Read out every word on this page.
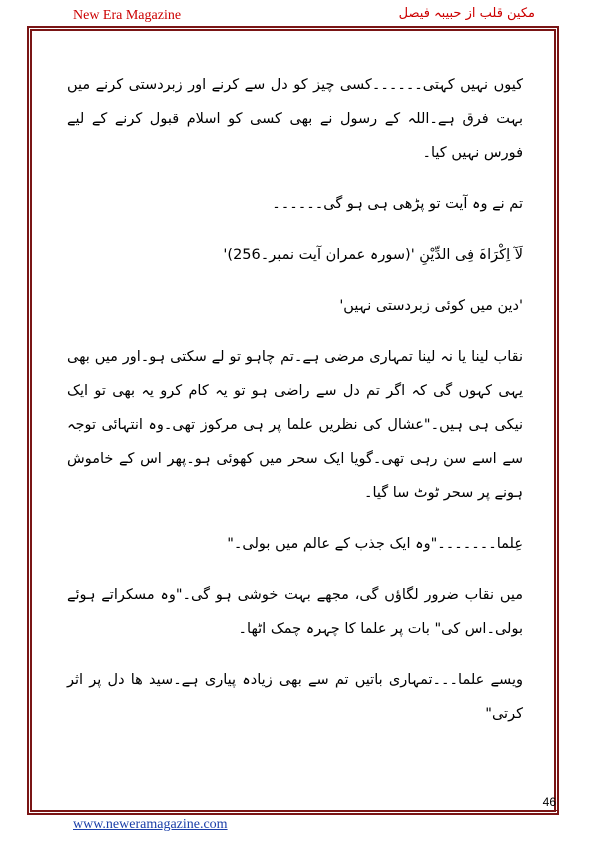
New Era Magazine	مکین قلب از حبیبہ فیصل

کیوں نہیں کہتی۔۔۔۔۔۔کسی چیز کو دل سے کرنے اور زبردستی کرنے میں بہت فرق ہے۔اللہ کے رسول نے بھی کسی کو اسلام قبول کرنے کے لیے فورس نہیں کیا۔

تم نے وہ آیت تو پڑھی ہی ہو گی۔۔۔۔۔۔

لَآ اِکْرَاہَ فِی الدِّیْنِ '(سورہ عمران آیت نمبر۔256)'

'دین میں کوئی زبردستی نہیں'

نقاب لینا یا نہ لینا تمہاری مرضی ہے۔تم چاہو تو لے سکتی ہو۔اور میں بھی یہی کہوں گی کہ اگر تم دل سے راضی ہو تو یہ کام کرو یہ بھی تو ایک نیکی ہی ہیں۔"عشال کی نظریں علما پر ہی مرکوز تھی۔وہ انتہائی توجہ سے اسے سن رہی تھی۔گویا ایک سحر میں کھوئی ہو۔پھر اس کے خاموش ہونے پر سحر ٹوٹ سا گیا۔

عِلما۔۔۔۔۔۔۔"وہ ایک جذب کے عالم میں بولی۔"

میں نقاب ضرور لگاؤں گی، مجھے بہت خوشی ہو گی۔"وہ مسکراتے ہوئے بولی۔اس کی" بات پر علما کا چہرہ چمک اٹھا۔

ویسے علما۔۔۔تمہاری باتیں تم سے بھی زیادہ پیاری ہے۔سید ھا دل پر اثر کرتی"

46
www.neweramagazine.com
